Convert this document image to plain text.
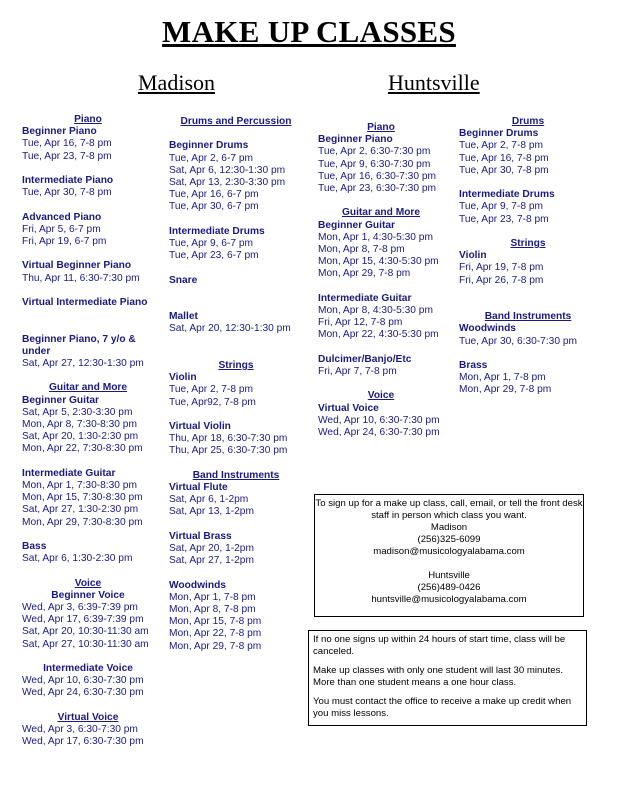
MAKE UP CLASSES
Madison	Huntsville
Piano
Beginner Piano
Tue, Apr 16, 7-8 pm
Tue, Apr 23, 7-8 pm
Intermediate Piano
Tue, Apr 30, 7-8 pm
Advanced Piano
Fri, Apr 5, 6-7 pm
Fri, Apr 19, 6-7 pm
Virtual Beginner Piano
Thu, Apr 11, 6:30-7:30 pm
Virtual Intermediate Piano
Beginner Piano, 7 y/o &
under
Sat, Apr 27, 12:30-1:30 pm
Guitar and More
Beginner Guitar
Sat, Apr 5, 2:30-3:30 pm
Mon, Apr 8, 7:30-8:30 pm
Sat, Apr 20, 1:30-2:30 pm
Mon, Apr 22, 7:30-8:30 pm
Intermediate Guitar
Mon, Apr 1, 7:30-8:30 pm
Mon, Apr 15, 7:30-8:30 pm
Sat, Apr 27, 1:30-2:30 pm
Mon, Apr 29, 7:30-8:30 pm
Bass
Sat, Apr 6, 1:30-2:30 pm
Voice
Beginner Voice
Wed, Apr 3, 6:39-7:39 pm
Wed, Apr 17, 6:39-7:39 pm
Sat, Apr 20, 10:30-11:30 am
Sat, Apr 27, 10:30-11:30 am
Intermediate Voice
Wed, Apr 10, 6:30-7:30 pm
Wed, Apr 24, 6:30-7:30 pm
Virtual Voice
Wed, Apr 3, 6:30-7:30 pm
Wed, Apr 17, 6:30-7:30 pm
Drums and Percussion
Beginner Drums
Tue, Apr 2, 6-7 pm
Sat, Apr 6, 12:30-1:30 pm
Sat, Apr 13, 2:30-3:30 pm
Tue, Apr 16, 6-7 pm
Tue, Apr 30, 6-7 pm
Intermediate Drums
Tue, Apr 9, 6-7 pm
Tue, Apr 23, 6-7 pm
Snare
Mallet
Sat, Apr 20, 12:30-1:30 pm
Strings
Violin
Tue, Apr 2, 7-8 pm
Tue, Apr92, 7-8 pm
Virtual Violin
Thu, Apr 18, 6:30-7:30 pm
Thu, Apr 25, 6:30-7:30 pm
Band Instruments
Virtual Flute
Sat, Apr 6, 1-2pm
Sat, Apr 13, 1-2pm
Virtual Brass
Sat, Apr 20, 1-2pm
Sat, Apr 27, 1-2pm
Woodwinds
Mon, Apr 1, 7-8 pm
Mon, Apr 8, 7-8 pm
Mon, Apr 15, 7-8 pm
Mon, Apr 22, 7-8 pm
Mon, Apr 29, 7-8 pm
Piano
Beginner Piano
Tue, Apr 2, 6:30-7:30 pm
Tue, Apr 9, 6:30-7:30 pm
Tue, Apr 16, 6:30-7:30 pm
Tue, Apr 23, 6:30-7:30 pm
Guitar and More
Beginner Guitar
Mon, Apr 1, 4:30-5:30 pm
Mon, Apr 8, 7-8 pm
Mon, Apr 15, 4:30-5:30 pm
Mon, Apr 29, 7-8 pm
Intermediate Guitar
Mon, Apr 8, 4:30-5:30 pm
Fri, Apr 12, 7-8 pm
Mon, Apr 22, 4:30-5:30 pm
Dulcimer/Banjo/Etc
Fri, Apr 7, 7-8 pm
Voice
Virtual Voice
Wed, Apr 10, 6:30-7:30 pm
Wed, Apr 24, 6:30-7:30 pm
Drums
Beginner Drums
Tue, Apr 2, 7-8 pm
Tue, Apr 16, 7-8 pm
Tue, Apr 30, 7-8 pm
Intermediate Drums
Tue, Apr 9, 7-8 pm
Tue, Apr 23, 7-8 pm
Strings
Violin
Fri, Apr 19, 7-8 pm
Fri, Apr 26, 7-8 pm
Band Instruments
Woodwinds
Tue, Apr 30, 6:30-7:30 pm
Brass
Mon, Apr 1, 7-8 pm
Mon, Apr 29, 7-8 pm
To sign up for a make up class, call, email, or tell the front desk
staff in person which class you want.
Madison
(256)325-6099
madison@musicologyalabama.com
Huntsville
(256)489-0426
huntsville@musicologyalabama.com

If no one signs up within 24 hours of start time, class will be canceled.

Make up classes with only one student will last 30 minutes. More than one student means a one hour class.

You must contact the office to receive a make up credit when you miss lessons.
